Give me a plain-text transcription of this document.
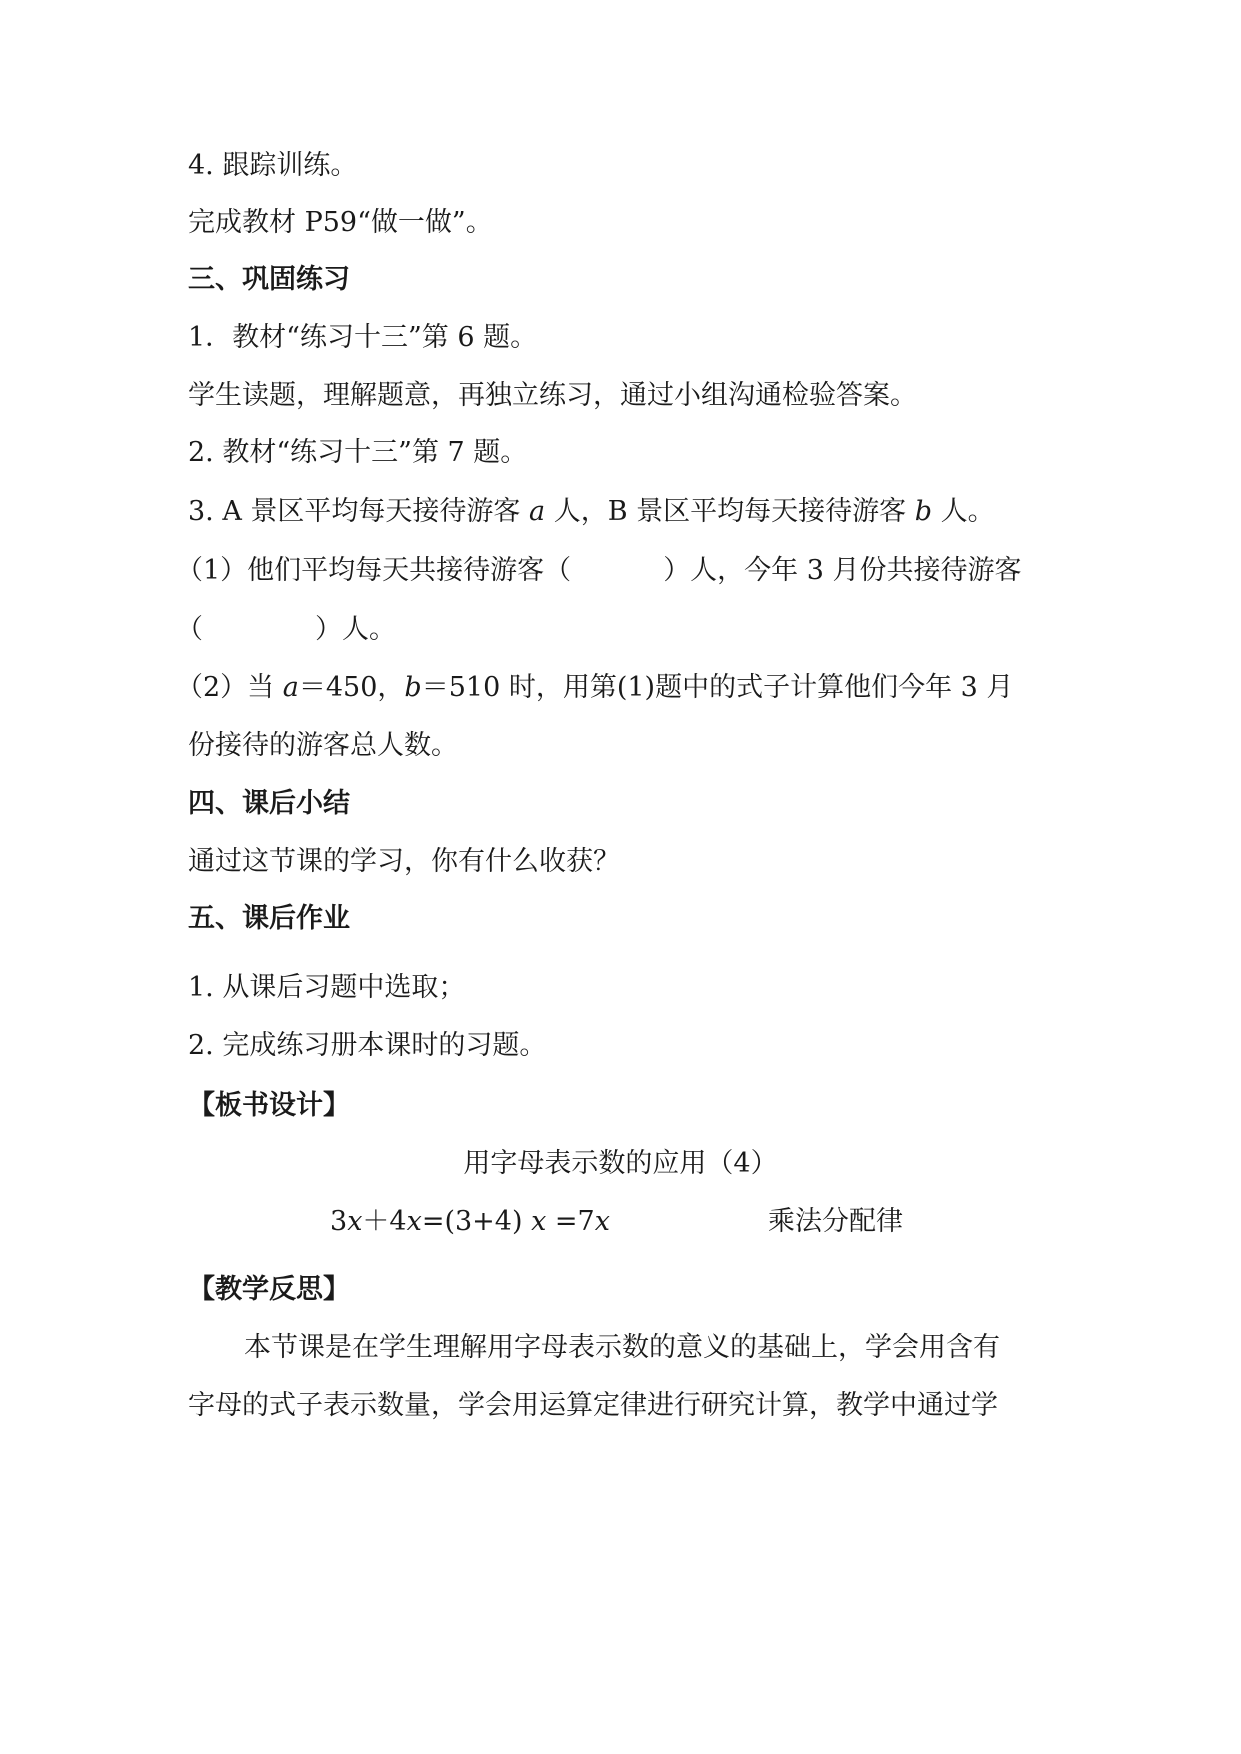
4. 跟踪训练。
完成教材 P59“做一做”。
三、巩固练习
1．教材“练习十三”第 6 题。
学生读题，理解题意，再独立练习，通过小组沟通检验答案。
2. 教材“练习十三”第 7 题。
3. A 景区平均每天接待游客 a 人，B 景区平均每天接待游客 b 人。
（1）他们平均每天共接待游客（	）人，今年 3 月份共接待游客
（	）人。
（2）当 a＝450，b＝510 时，用第(1)题中的式子计算他们今年 3 月
份接待的游客总人数。
四、课后小结
通过这节课的学习，你有什么收获？
五、课后作业
1. 从课后习题中选取；
2. 完成练习册本课时的习题。
【板书设计】
用字母表示数的应用（4）
3x＋4x=(3+4) x =7x	乘法分配律
【教学反思】
本节课是在学生理解用字母表示数的意义的基础上，学会用含有
字母的式子表示数量，学会用运算定律进行研究计算，教学中通过学
